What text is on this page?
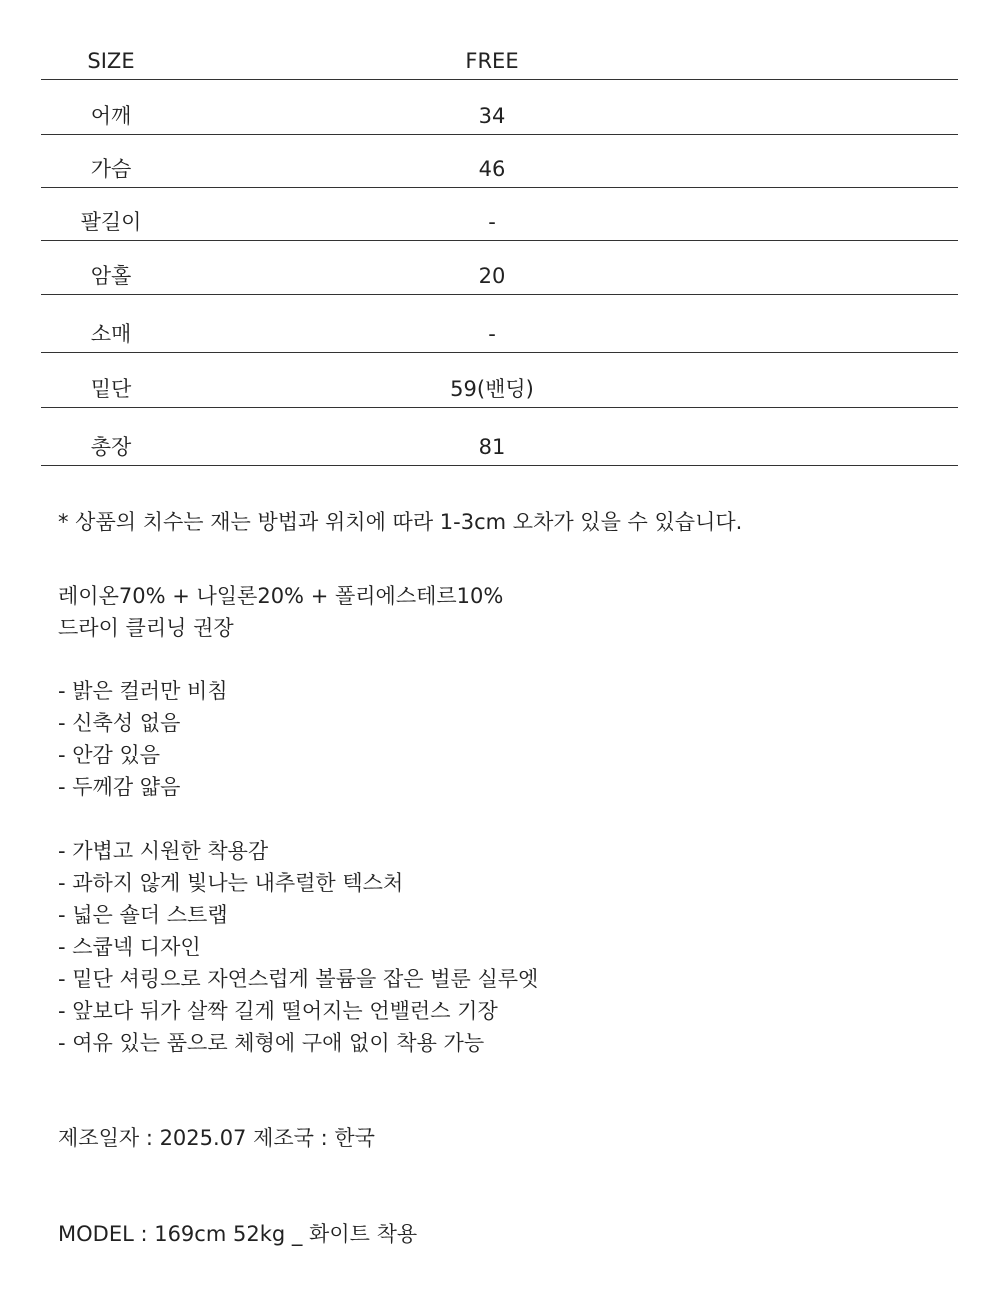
SIZE	FREE
어깨	34
가슴	46
팔길이	-
암홀	20
소매	-
밑단	59(밴딩)
총장	81
* 상품의 치수는 재는 방법과 위치에 따라 1-3cm 오차가 있을 수 있습니다.
레이온70% + 나일론20% + 폴리에스테르10%
드라이 클리닝 권장
- 밝은 컬러만 비침
- 신축성 없음
- 안감 있음
- 두께감 얇음
- 가볍고 시원한 착용감
- 과하지 않게 빛나는 내추럴한 텍스처
- 넓은 숄더 스트랩
- 스쿱넥 디자인
- 밑단 셔링으로 자연스럽게 볼륨을 잡은 벌룬 실루엣
- 앞보다 뒤가 살짝 길게 떨어지는 언밸런스 기장
- 여유 있는 품으로 체형에 구애 없이 착용 가능
제조일자 : 2025.07 제조국 : 한국
MODEL : 169cm 52kg _ 화이트 착용
